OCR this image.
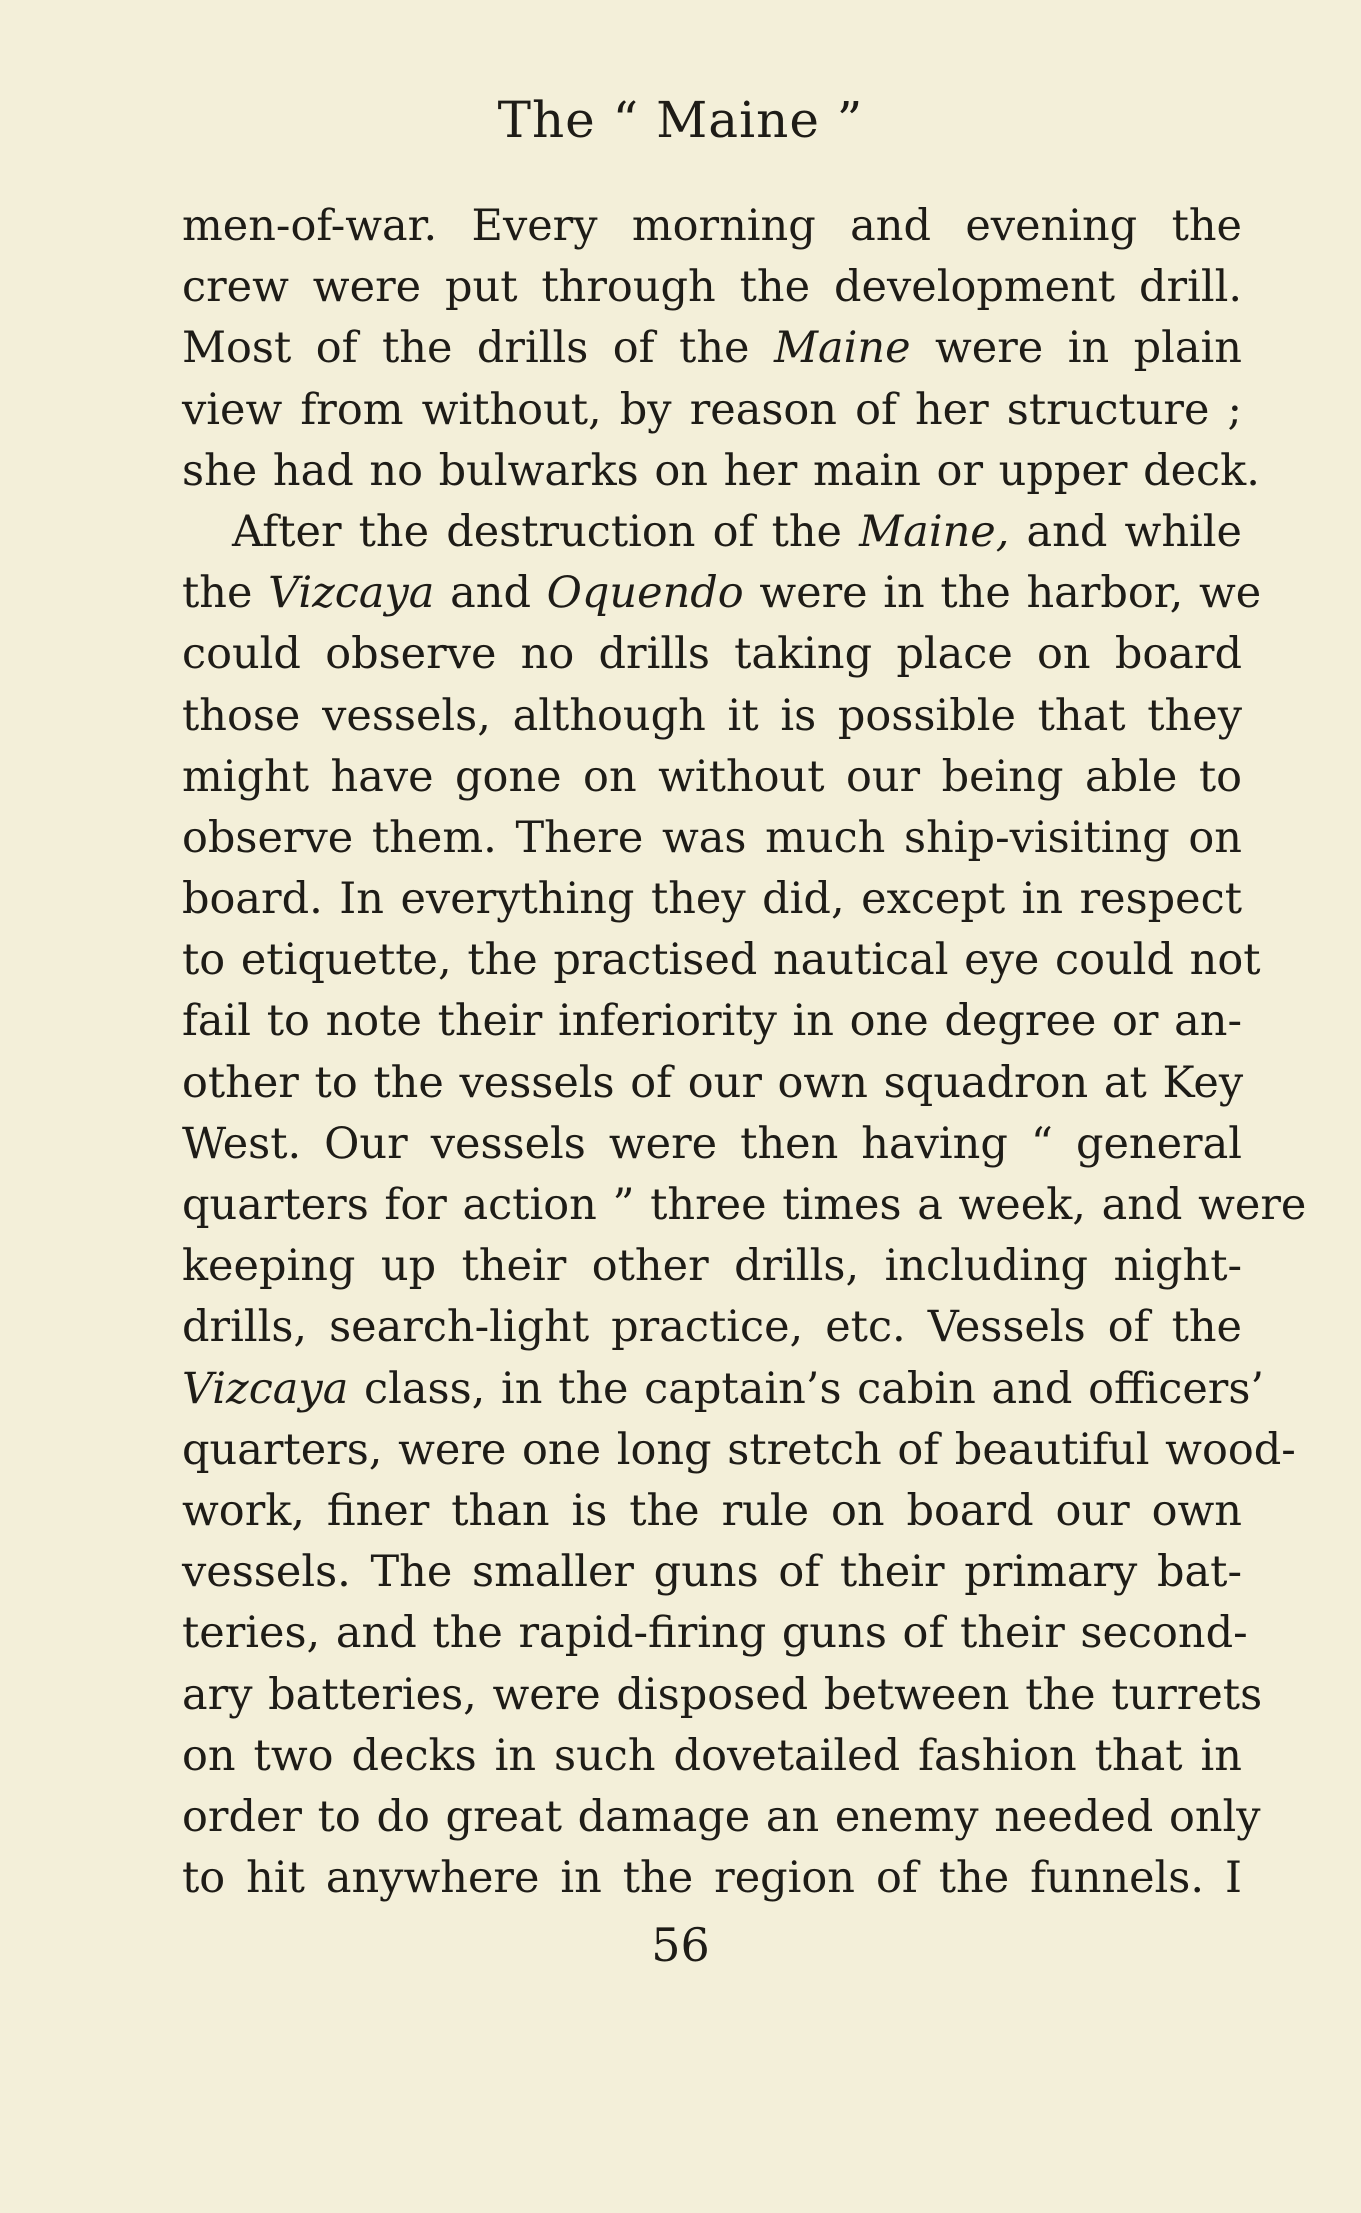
The “ Maine ”
men-of-war. Every morning and evening the
crew were put through the development drill.
Most of the drills of the Maine were in plain
view from without, by reason of her structure ;
she had no bulwarks on her main or upper deck.
After the destruction of the Maine, and while
the Vizcaya and Oquendo were in the harbor, we
could observe no drills taking place on board
those vessels, although it is possible that they
might have gone on without our being able to
observe them. There was much ship-visiting on
board. In everything they did, except in respect
to etiquette, the practised nautical eye could not
fail to note their inferiority in one degree or an-
other to the vessels of our own squadron at Key
West. Our vessels were then having “ general
quarters for action ” three times a week, and were
keeping up their other drills, including night-
drills, search-light practice, etc. Vessels of the
Vizcaya class, in the captain’s cabin and officers’
quarters, were one long stretch of beautiful wood-
work, finer than is the rule on board our own
vessels. The smaller guns of their primary bat-
teries, and the rapid-firing guns of their second-
ary batteries, were disposed between the turrets
on two decks in such dovetailed fashion that in
order to do great damage an enemy needed only
to hit anywhere in the region of the funnels. I
56
